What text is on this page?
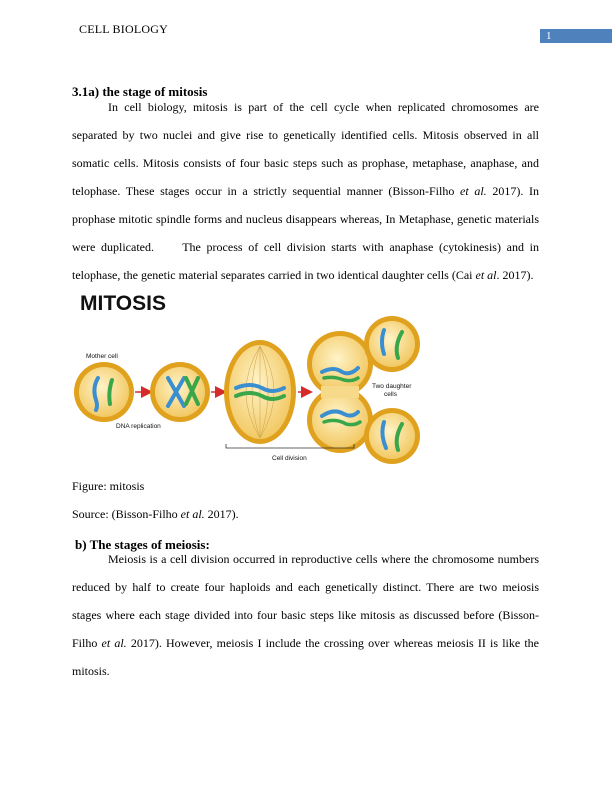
CELL BIOLOGY	1
3.1a) the stage of mitosis
In cell biology, mitosis is part of the cell cycle when replicated chromosomes are
separated by two nuclei and give rise to genetically identified cells. Mitosis observed in all
somatic cells. Mitosis consists of four basic steps such as prophase, metaphase, anaphase, and
telophase. These stages occur in a strictly sequential manner (Bisson-Filho et al. 2017). In
prophase mitotic spindle forms and nucleus disappears whereas, In Metaphase, genetic materials
were duplicated.     The process of cell division starts with anaphase (cytokinesis) and in
telophase, the genetic material separates carried in two identical daughter cells (Cai et al. 2017).
MITOSIS
Mother cell
DNA replication
Two daughter
cells
Cell division
Figure: mitosis
Source: (Bisson-Filho et al. 2017).
b) The stages of meiosis:
Meiosis is a cell division occurred in reproductive cells where the chromosome numbers
reduced by half to create four haploids and each genetically distinct. There are two meiosis
stages where each stage divided into four basic steps like mitosis as discussed before (Bisson-
Filho et al. 2017). However, meiosis I include the crossing over whereas meiosis II is like the
mitosis.
